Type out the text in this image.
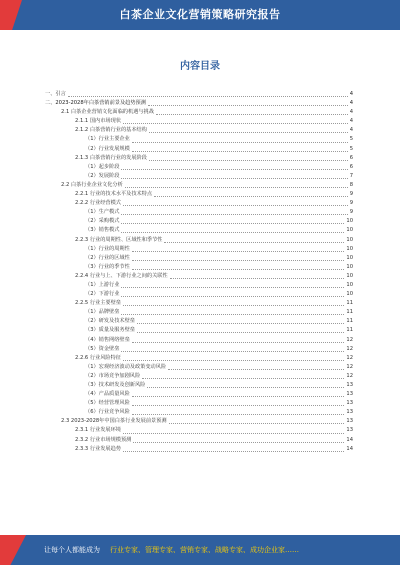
白茶企业文化营销策略研究报告
内容目录
一、引言	4
二、2023-2028年白茶营销前景及趋势预测	4
2.1 白茶企业营销文化面临的机遇与挑战	4
2.1.1 国内市场现状	4
2.1.2 白茶营销行业的基本结构	4
（1）行业主要企业	5
（2）行业发展规模	5
2.1.3 白茶营销行业的发展阶段	6
（1）起步阶段	6
（2）发展阶段	7
2.2 白茶行业企业文化分析	8
2.2.1 行业的技术水平及技术特点	9
2.2.2 行业经营模式	9
（1）生产模式	9
（2）采购模式	10
（3）销售模式	10
2.2.3 行业的周期性、区域性和季节性	10
（1）行业的周期性	10
（2）行业的区域性	10
（3）行业的季节性	10
2.2.4 行业与上、下游行业之间的关联性	10
（1）上游行业	10
（2）下游行业	10
2.2.5 行业主要壁垒	11
（1）品牌壁垒	11
（2）研发及技术壁垒	11
（3）质量及服务壁垒	11
（4）销售网络壁垒	12
（5）资金壁垒	12
2.2.6 行业风险特征	12
（1）宏观经济波动及政策变动风险	12
（2）市场竞争加剧风险	12
（3）技术研发及创新风险	13
（4）产品质量风险	13
（5）经营管理风险	13
（6）行业竞争风险	13
2.3 2023-2028年中国白茶行业发展前景预测	13
2.3.1 行业发展环境	13
2.3.2 行业市场规模预测	14
2.3.3 行业发展趋势	14
让每个人都能成为 行业专家、管理专家、营销专家、战略专家、成功企业家……
